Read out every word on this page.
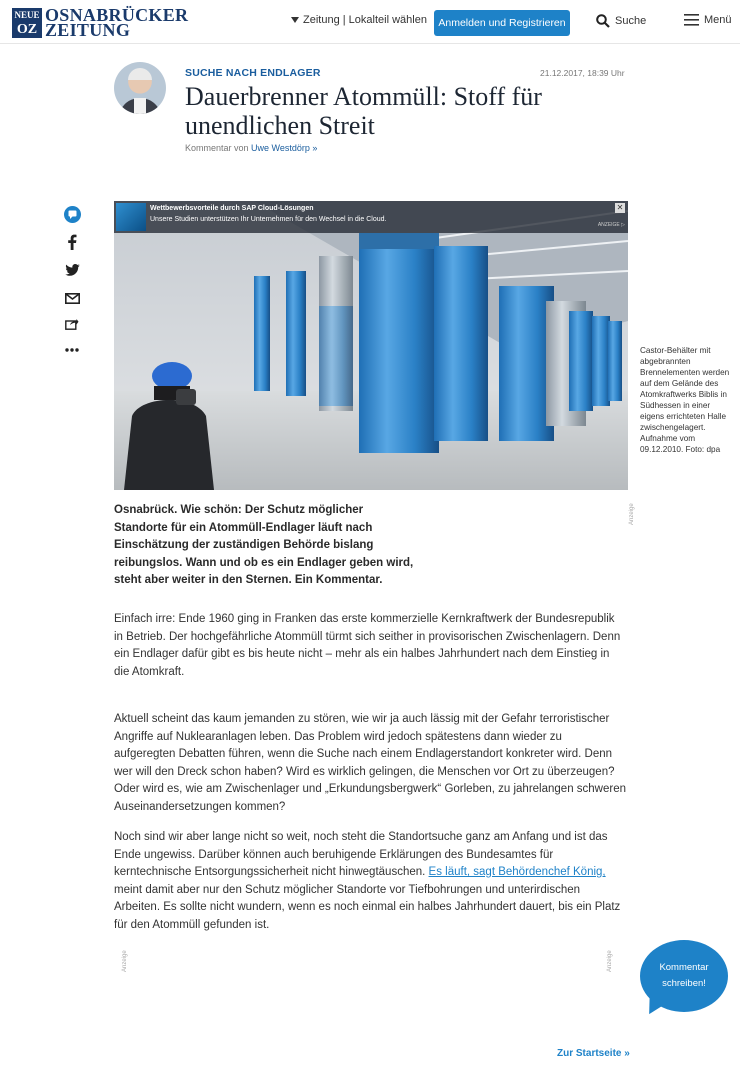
NEUE
OZ
OSNABRÜCKER
ZEITUNG	Zeitung | Lokalteil wählen	Anmelden und Registrieren	Suche	Menü
SUCHE NACH ENDLAGER	21.12.2017, 18:39 Uhr
Dauerbrenner Atommüll: Stoff für unendlichen Streit
Kommentar von Uwe Westdörp »
Wettbewerbsvorteile durch SAP Cloud-Lösungen
Unsere Studien unterstützen Ihr Unternehmen für den Wechsel in die Cloud.
✕
ANZEIGE ▷
Castor-Behälter mit abgebrannten Brennelementen werden auf dem Gelände des Atomkraftwerks Biblis in Südhessen in einer eigens errichteten Halle zwischengelagert. Aufnahme vom 09.12.2010. Foto: dpa
Anzeige
Osnabrück. Wie schön: Der Schutz möglicher Standorte für ein Atommüll-Endlager läuft nach Einschätzung der zuständigen Behörde bislang reibungslos. Wann und ob es ein Endlager geben wird, steht aber weiter in den Sternen. Ein Kommentar.
Einfach irre: Ende 1960 ging in Franken das erste kommerzielle Kernkraftwerk der Bundesrepublik in Betrieb. Der hochgefährliche Atommüll türmt sich seither in provisorischen Zwischenlagern. Denn ein Endlager dafür gibt es bis heute nicht – mehr als ein halbes Jahrhundert nach dem Einstieg in die Atomkraft.
Aktuell scheint das kaum jemanden zu stören, wie wir ja auch lässig mit der Gefahr terroristischer Angriffe auf Nuklearanlagen leben. Das Problem wird jedoch spätestens dann wieder zu aufgeregten Debatten führen, wenn die Suche nach einem Endlagerstandort konkreter wird. Denn wer will den Dreck schon haben? Wird es wirklich gelingen, die Menschen vor Ort zu überzeugen? Oder wird es, wie am Zwischenlager und „Erkundungsbergwerk“ Gorleben, zu jahrelangen schweren Auseinandersetzungen kommen?
Noch sind wir aber lange nicht so weit, noch steht die Standortsuche ganz am Anfang und ist das Ende ungewiss. Darüber können auch beruhigende Erklärungen des Bundesamtes für kerntechnische Entsorgungssicherheit nicht hinwegtäuschen. Es läuft, sagt Behördenchef König, meint damit aber nur den Schutz möglicher Standorte vor Tiefbohrungen und unterirdischen Arbeiten. Es sollte nicht wundern, wenn es noch einmal ein halbes Jahrhundert dauert, bis ein Platz für den Atommüll gefunden ist.
Anzeige	Anzeige	Kommentar
schreiben!
Zur Startseite »
